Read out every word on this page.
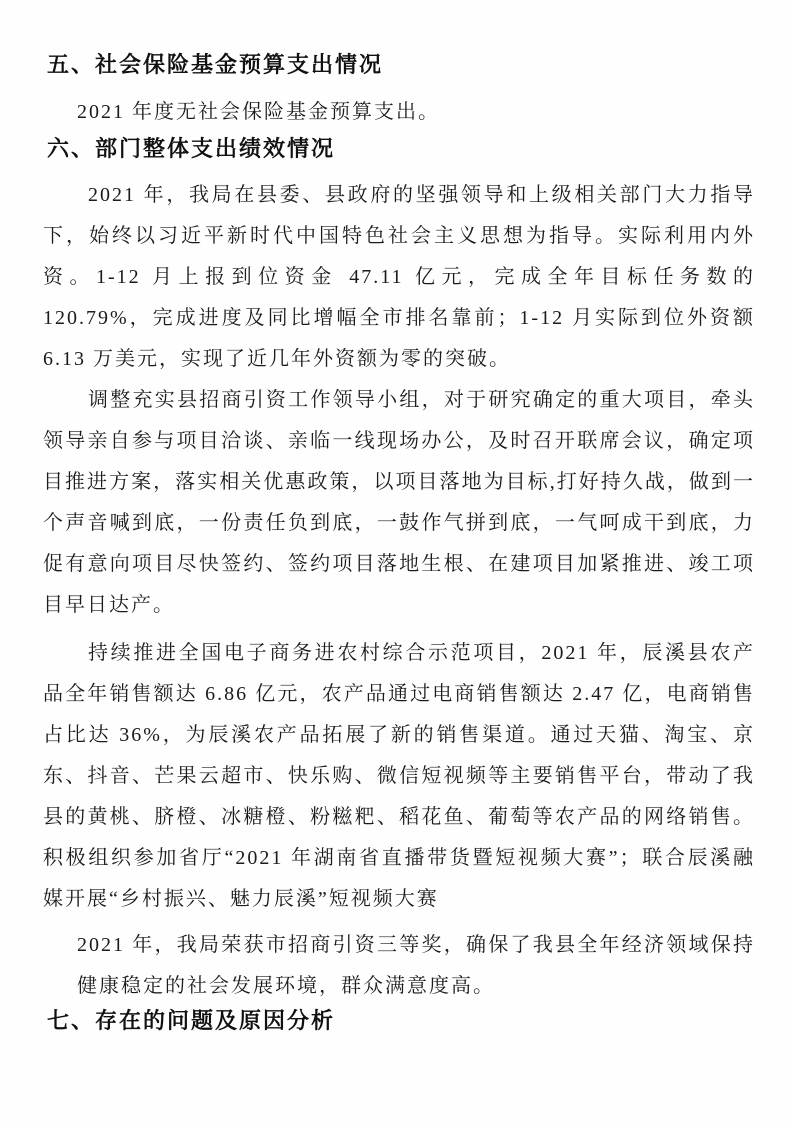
五、社会保险基金预算支出情况

2021 年度无社会保险基金预算支出。

六、部门整体支出绩效情况

2021 年，我局在县委、县政府的坚强领导和上级相关部门大力指导下，始终以习近平新时代中国特色社会主义思想为指导。实际利用内外资。1-12 月上报到位资金 47.11 亿元，完成全年目标任务数的 120.79%，完成进度及同比增幅全市排名靠前；1-12 月实际到位外资额 6.13 万美元，实现了近几年外资额为零的突破。

调整充实县招商引资工作领导小组，对于研究确定的重大项目，牵头领导亲自参与项目洽谈、亲临一线现场办公，及时召开联席会议，确定项目推进方案，落实相关优惠政策，以项目落地为目标,打好持久战，做到一个声音喊到底，一份责任负到底，一鼓作气拼到底，一气呵成干到底，力促有意向项目尽快签约、签约项目落地生根、在建项目加紧推进、竣工项目早日达产。

持续推进全国电子商务进农村综合示范项目，2021 年，辰溪县农产品全年销售额达 6.86 亿元，农产品通过电商销售额达 2.47 亿，电商销售占比达 36%，为辰溪农产品拓展了新的销售渠道。通过天猫、淘宝、京东、抖音、芒果云超市、快乐购、微信短视频等主要销售平台，带动了我县的黄桃、脐橙、冰糖橙、粉糍粑、稻花鱼、葡萄等农产品的网络销售。积极组织参加省厅“2021 年湖南省直播带货暨短视频大赛”；联合辰溪融媒开展“乡村振兴、魅力辰溪”短视频大赛

2021 年，我局荣获市招商引资三等奖，确保了我县全年经济领域保持健康稳定的社会发展环境，群众满意度高。

七、存在的问题及原因分析
